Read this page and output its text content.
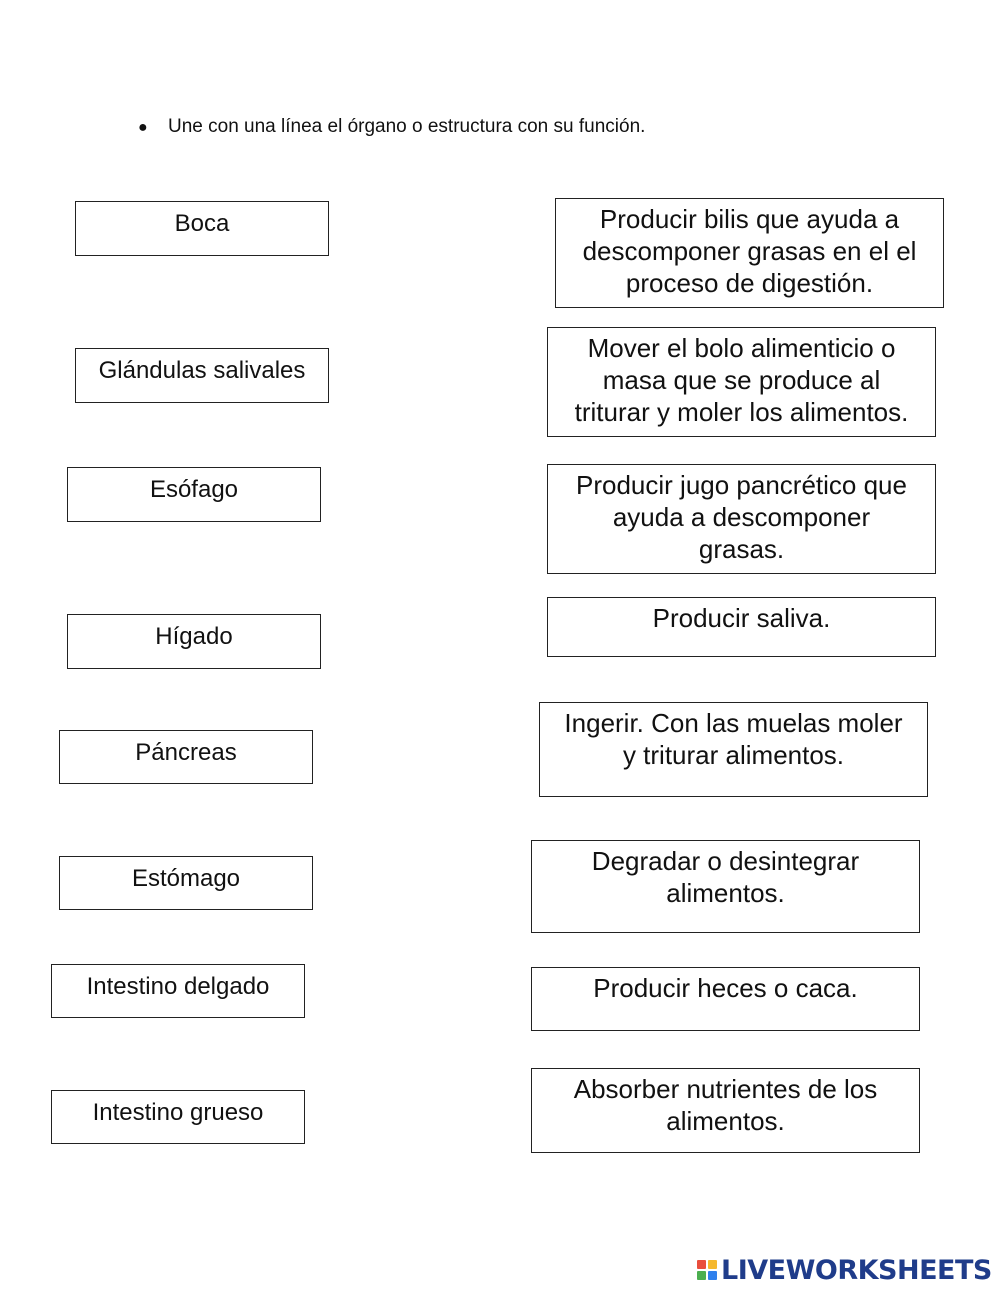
● Une con una línea el órgano o estructura con su función.
Boca
Glándulas salivales
Esófago
Hígado
Páncreas
Estómago
Intestino delgado
Intestino grueso
Producir bilis que ayuda a
descomponer grasas en el el
proceso de digestión.
Mover el bolo alimenticio o
masa que se produce al
triturar y moler los alimentos.
Producir jugo pancrético que
ayuda a descomponer
grasas.
Producir saliva.
Ingerir. Con las muelas moler
y triturar alimentos.
Degradar o desintegrar
alimentos.
Producir heces o caca.
Absorber nutrientes de los
alimentos.
LIVEWORKSHEETS
